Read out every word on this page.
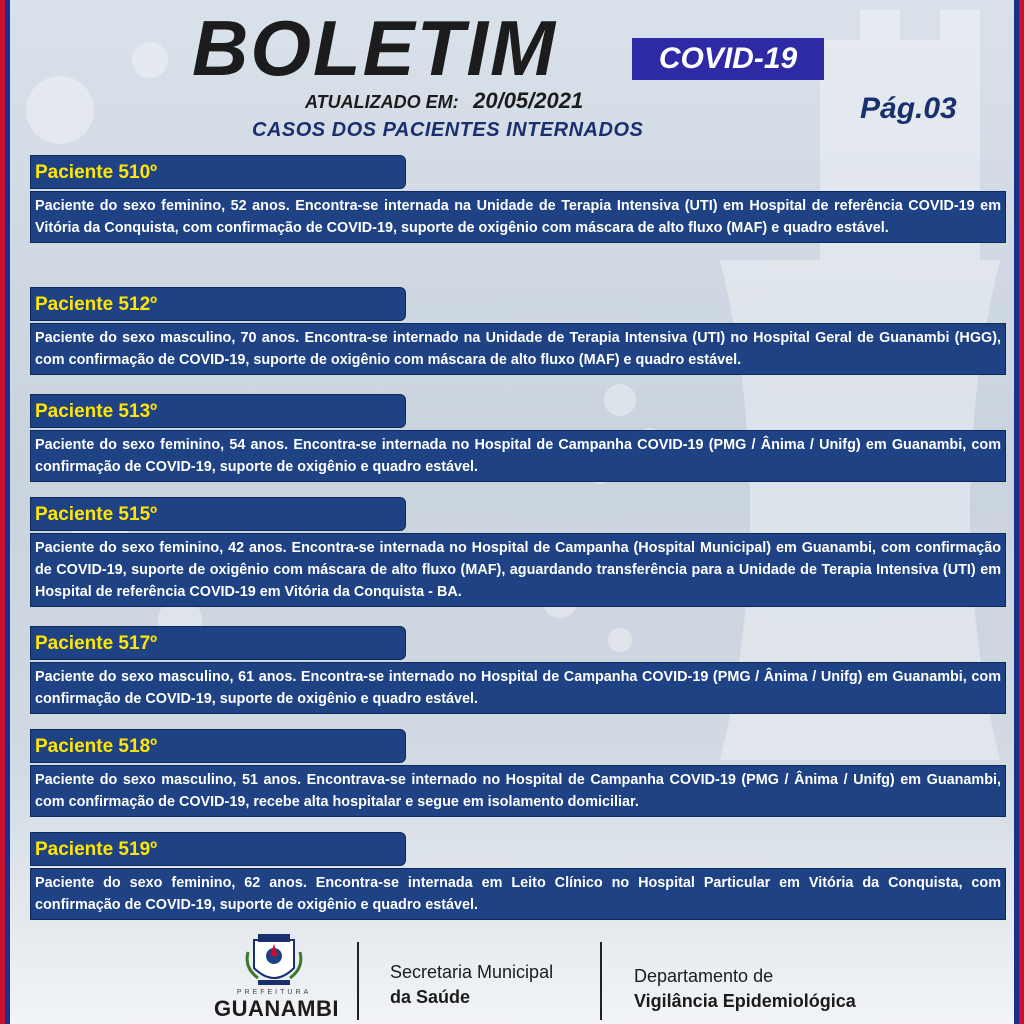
BOLETIM	COVID-19
ATUALIZADO EM: 20/05/2021
CASOS DOS PACIENTES INTERNADOS
Pág.03
Paciente 510º
Paciente do sexo feminino, 52 anos. Encontra-se internada na Unidade de Terapia Intensiva (UTI) em Hospital de referência COVID-19 em Vitória da Conquista, com confirmação de COVID-19, suporte de oxigênio com máscara de alto fluxo (MAF) e quadro estável.
Paciente 512º
Paciente do sexo masculino, 70 anos. Encontra-se internado na Unidade de Terapia Intensiva (UTI) no Hospital Geral de Guanambi (HGG), com confirmação de COVID-19, suporte de oxigênio com máscara de alto fluxo (MAF) e quadro estável.
Paciente 513º
Paciente do sexo feminino, 54 anos. Encontra-se internada no Hospital de Campanha COVID-19 (PMG / Ânima / Unifg) em Guanambi, com confirmação de COVID-19, suporte de oxigênio e quadro estável.
Paciente 515º
Paciente do sexo feminino, 42 anos. Encontra-se internada no Hospital de Campanha (Hospital Municipal) em Guanambi, com confirmação de COVID-19, suporte de oxigênio com máscara de alto fluxo (MAF), aguardando transferência para a Unidade de Terapia Intensiva (UTI) em Hospital de referência COVID-19 em Vitória da Conquista - BA.
Paciente 517º
Paciente do sexo masculino, 61 anos. Encontra-se internado no Hospital de Campanha COVID-19 (PMG / Ânima / Unifg) em Guanambi, com confirmação de COVID-19, suporte de oxigênio e quadro estável.
Paciente 518º
Paciente do sexo masculino, 51 anos. Encontrava-se internado no Hospital de Campanha COVID-19 (PMG / Ânima / Unifg) em Guanambi, com confirmação de COVID-19, recebe alta hospitalar e segue em isolamento domiciliar.
Paciente 519º
Paciente do sexo feminino, 62 anos. Encontra-se internada em Leito Clínico no Hospital Particular em Vitória da Conquista, com confirmação de COVID-19, suporte de oxigênio e quadro estável.
PREFEITURA
GUANAMBI
Secretaria Municipal
da Saúde
Departamento de
Vigilância Epidemiológica
